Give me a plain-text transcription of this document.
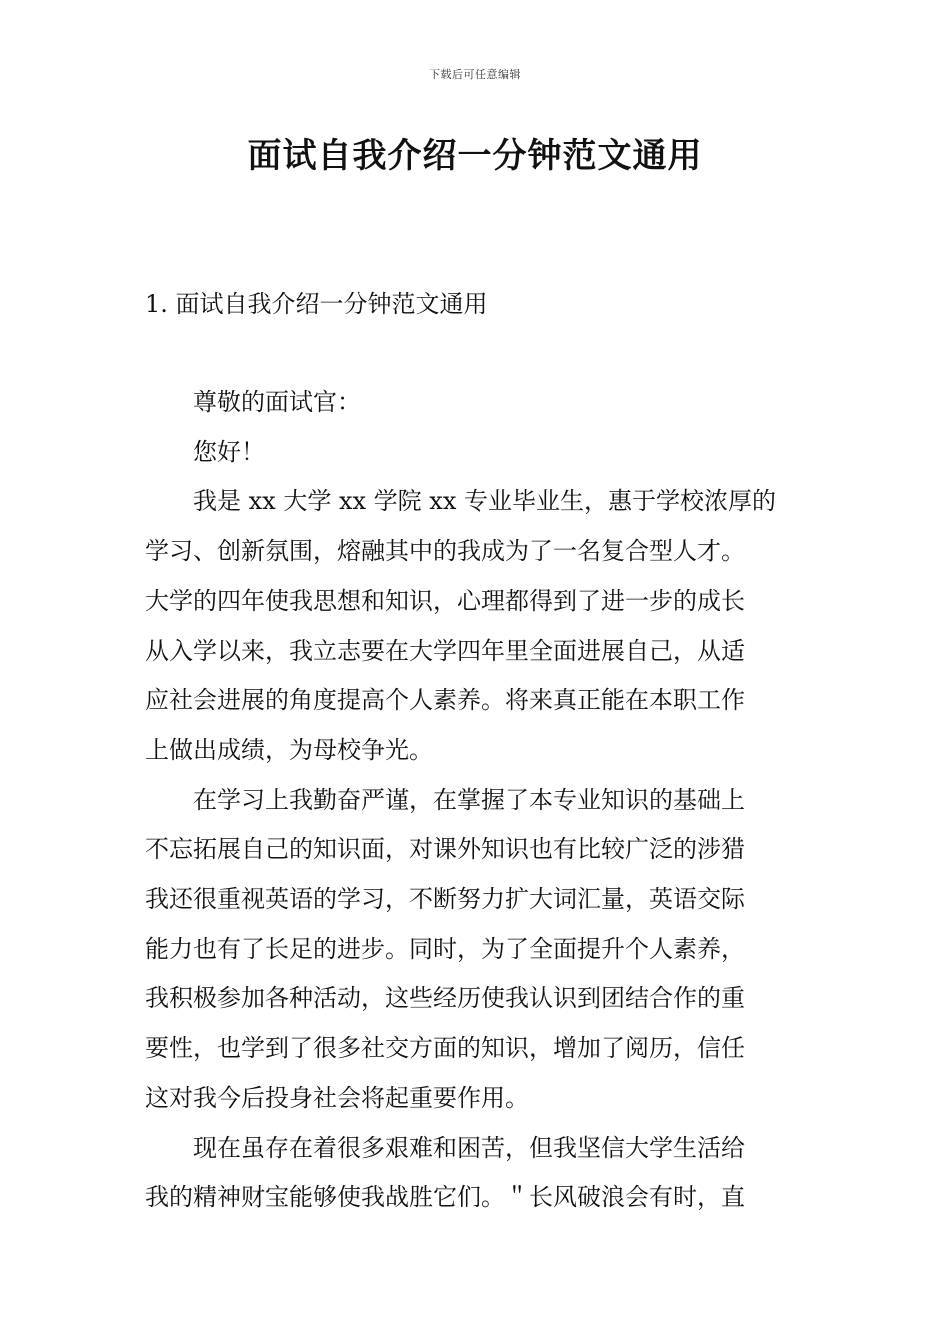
下载后可任意编辑
面试自我介绍一分钟范文通用
1. 面试自我介绍一分钟范文通用

尊敬的面试官：

您好！

我是 xx 大学 xx 学院 xx 专业毕业生，惠于学校浓厚的
学习、创新氛围，熔融其中的我成为了一名复合型人才。
大学的四年使我思想和知识，心理都得到了进一步的成长
从入学以来，我立志要在大学四年里全面进展自己，从适
应社会进展的角度提高个人素养。将来真正能在本职工作
上做出成绩，为母校争光。

在学习上我勤奋严谨，在掌握了本专业知识的基础上
不忘拓展自己的知识面，对课外知识也有比较广泛的涉猎
我还很重视英语的学习，不断努力扩大词汇量，英语交际
能力也有了长足的进步。同时，为了全面提升个人素养，
我积极参加各种活动，这些经历使我认识到团结合作的重
要性，也学到了很多社交方面的知识，增加了阅历，信任
这对我今后投身社会将起重要作用。

现在虽存在着很多艰难和困苦，但我坚信大学生活给
我的精神财宝能够使我战胜它们。＂长风破浪会有时，直
